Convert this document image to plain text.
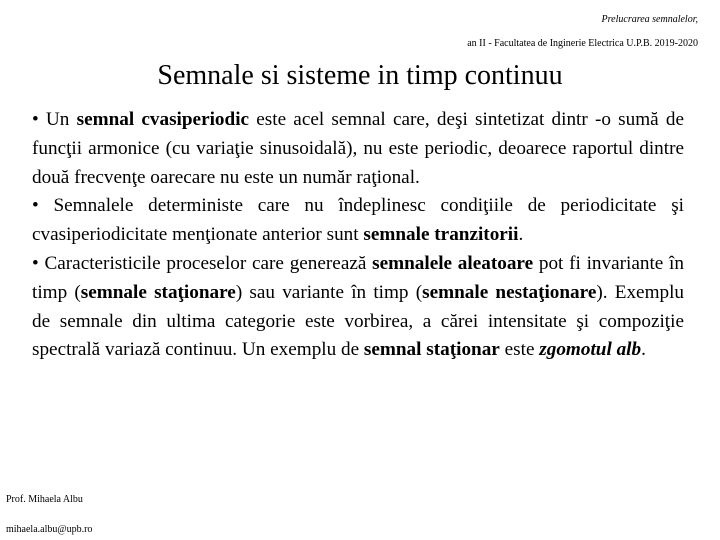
Prelucrarea semnalelor,
an II - Facultatea de Inginerie Electrica U.P.B. 2019-2020
Semnale si sisteme in timp continuu

• Un semnal cvasiperiodic este acel semnal care, deşi sintetizat dintr -o sumă de funcţii armonice (cu variaţie sinusoidală), nu este periodic, deoarece raportul dintre două frecvenţe oarecare nu este un număr raţional.

• Semnalele deterministe care nu îndeplinesc condiţiile de periodicitate şi cvasiperiodicitate menţionate anterior sunt semnale tranzitorii.

• Caracteristicile proceselor care generează semnalele aleatoare pot fi invariante în timp (semnale staţionare) sau variante în timp (semnale nestaţionare). Exemplu de semnale din ultima categorie este vorbirea, a cărei intensitate şi compoziţie spectrală variază continuu. Un exemplu de semnal staţionar este zgomotul alb.

Prof. Mihaela Albu
mihaela.albu@upb.ro
